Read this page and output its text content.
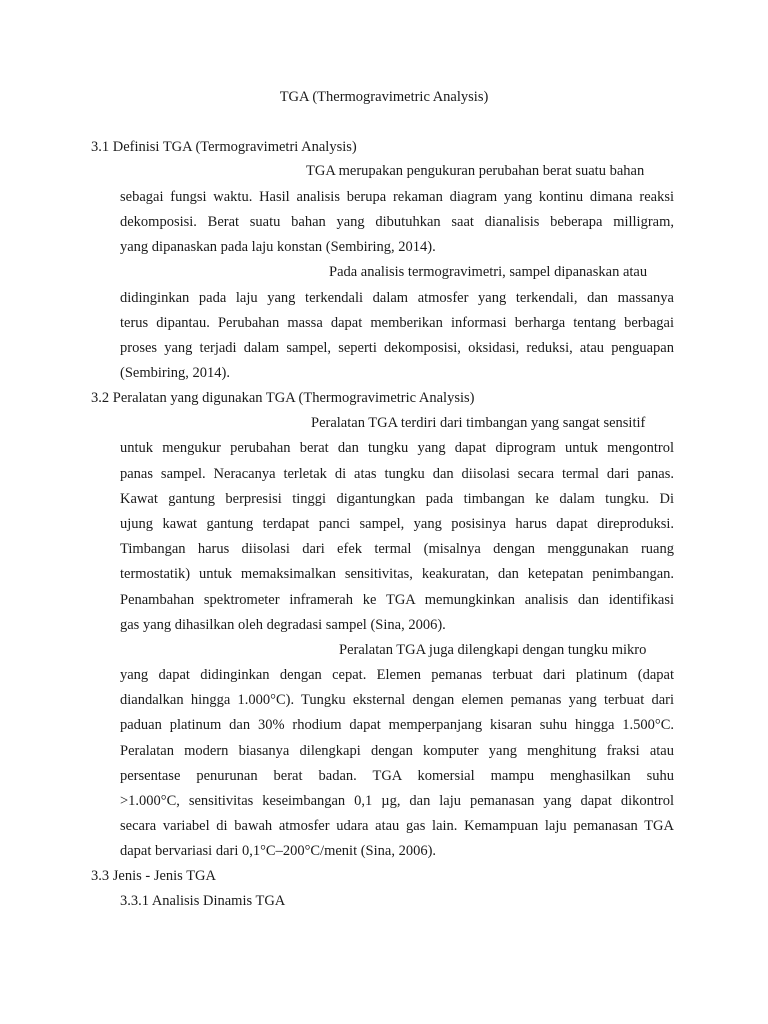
TGA (Thermogravimetric Analysis)
3.1 Definisi TGA (Termogravimetri Analysis)
TGA merupakan pengukuran perubahan berat suatu bahan
sebagai fungsi waktu. Hasil analisis berupa rekaman diagram yang kontinu dimana reaksi
dekomposisi. Berat suatu bahan yang dibutuhkan saat dianalisis beberapa milligram,
yang dipanaskan pada laju konstan (Sembiring, 2014).
Pada analisis termogravimetri, sampel dipanaskan atau
didinginkan pada laju yang terkendali dalam atmosfer yang terkendali, dan massanya
terus dipantau. Perubahan massa dapat memberikan informasi berharga tentang berbagai
proses yang terjadi dalam sampel, seperti dekomposisi, oksidasi, reduksi, atau penguapan
(Sembiring, 2014).
3.2 Peralatan yang digunakan TGA (Thermogravimetric Analysis)
Peralatan TGA terdiri dari timbangan yang sangat sensitif
untuk mengukur perubahan berat dan tungku yang dapat diprogram untuk mengontrol
panas sampel. Neracanya terletak di atas tungku dan diisolasi secara termal dari panas.
Kawat gantung berpresisi tinggi digantungkan pada timbangan ke dalam tungku. Di
ujung kawat gantung terdapat panci sampel, yang posisinya harus dapat direproduksi.
Timbangan harus diisolasi dari efek termal (misalnya dengan menggunakan ruang
termostatik) untuk memaksimalkan sensitivitas, keakuratan, dan ketepatan penimbangan.
Penambahan spektrometer inframerah ke TGA memungkinkan analisis dan identifikasi
gas yang dihasilkan oleh degradasi sampel (Sina, 2006).
Peralatan TGA juga dilengkapi dengan tungku mikro
yang dapat didinginkan dengan cepat. Elemen pemanas terbuat dari platinum (dapat
diandalkan hingga 1.000°C). Tungku eksternal dengan elemen pemanas yang terbuat dari
paduan platinum dan 30% rhodium dapat memperpanjang kisaran suhu hingga 1.500°C.
Peralatan modern biasanya dilengkapi dengan komputer yang menghitung fraksi atau
persentase penurunan berat badan. TGA komersial mampu menghasilkan suhu
>1.000°C, sensitivitas keseimbangan 0,1 µg, dan laju pemanasan yang dapat dikontrol
secara variabel di bawah atmosfer udara atau gas lain. Kemampuan laju pemanasan TGA
dapat bervariasi dari 0,1°C–200°C/menit (Sina, 2006).
3.3 Jenis - Jenis TGA
3.3.1 Analisis Dinamis TGA
